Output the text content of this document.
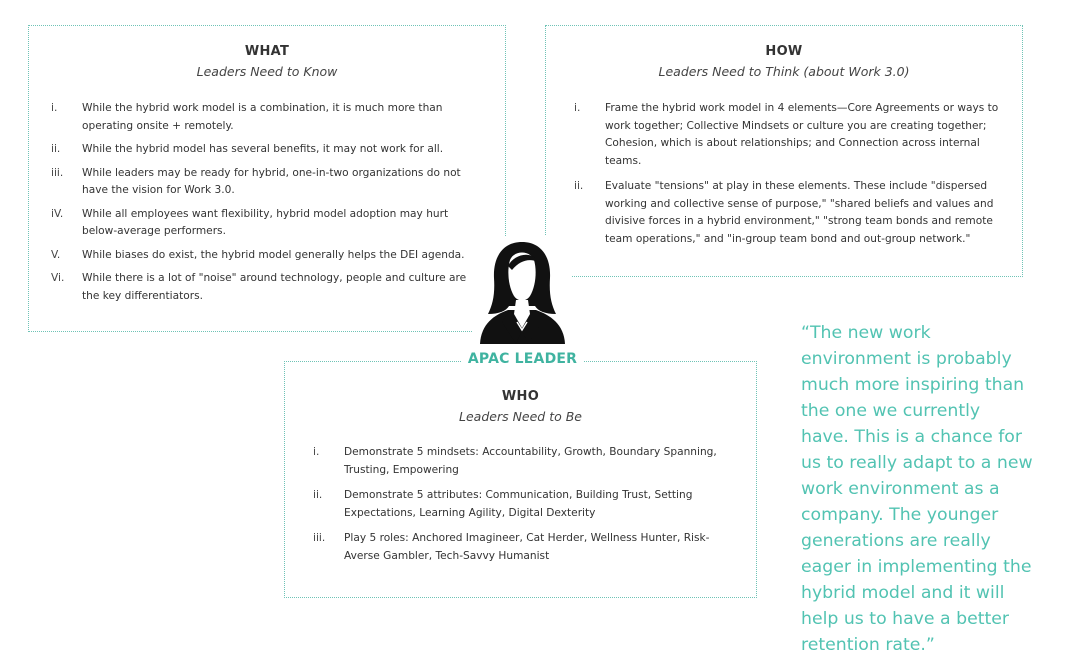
WHAT
Leaders Need to Know
i.	While the hybrid work model is a combination, it is much more than operating onsite + remotely.
ii.	While the hybrid model has several benefits, it may not work for all.
iii.	While leaders may be ready for hybrid, one-in-two organizations do not have the vision for Work 3.0.
iV.	While all employees want flexibility, hybrid model adoption may hurt below-average performers.
V.	While biases do exist, the hybrid model generally helps the DEI agenda.
Vi.	While there is a lot of "noise" around technology, people and culture are the key differentiators.
HOW
Leaders Need to Think (about Work 3.0)
i.	Frame the hybrid work model in 4 elements—Core Agreements or ways to work together; Collective Mindsets or culture you are creating together; Cohesion, which is about relationships; and Connection across internal teams.
ii.	Evaluate "tensions" at play in these elements. These include "dispersed working and collective sense of purpose," "shared beliefs and values and divisive forces in a hybrid environment," "strong team bonds and remote team operations," and "in-group team bond and out-group network."
WHO
Leaders Need to Be
i.	Demonstrate 5 mindsets: Accountability, Growth, Boundary Spanning, Trusting, Empowering
ii.	Demonstrate 5 attributes: Communication, Building Trust, Setting Expectations, Learning Agility, Digital Dexterity
iii.	Play 5 roles: Anchored Imagineer, Cat Herder, Wellness Hunter, Risk-Averse Gambler, Tech-Savvy Humanist
APAC LEADER
“The new work environment is probably much more inspiring than the one we currently have. This is a chance for us to really adapt to a new work environment as a company. The younger generations are really eager in implementing the hybrid model and it will help us to have a better retention rate.”
